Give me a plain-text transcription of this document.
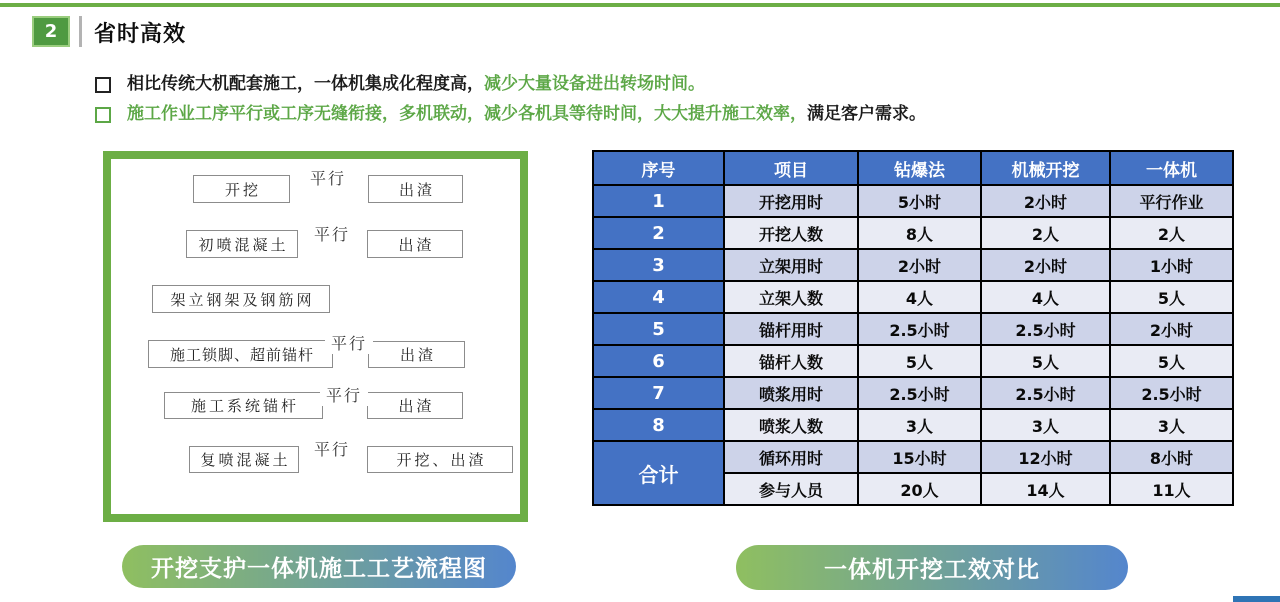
2 省时高效
相比传统大机配套施工，一体机集成化程度高，减少大量设备进出转场时间。
施工作业工序平行或工序无缝衔接，多机联动，减少各机具等待时间，大大提升施工效率，满足客户需求。
开挖	出渣
初喷混凝土	出渣
架立钢架及钢筋网
施工锁脚、超前锚杆	出渣
施工系统锚杆	出渣
复喷混凝土	开挖、出渣
平行
平行
平行
平行
平行
序号	项目	钻爆法	机械开挖	一体机
1	开挖用时	5小时	2小时	平行作业
2	开挖人数	8人	2人	2人
3	立架用时	2小时	2小时	1小时
4	立架人数	4人	4人	5人
5	锚杆用时	2.5小时	2.5小时	2小时
6	锚杆人数	5人	5人	5人
7	喷浆用时	2.5小时	2.5小时	2.5小时
8	喷浆人数	3人	3人	3人
合计	循环用时	15小时	12小时	8小时
	参与人员	20人	14人	11人
开挖支护一体机施工工艺流程图	一体机开挖工效对比
